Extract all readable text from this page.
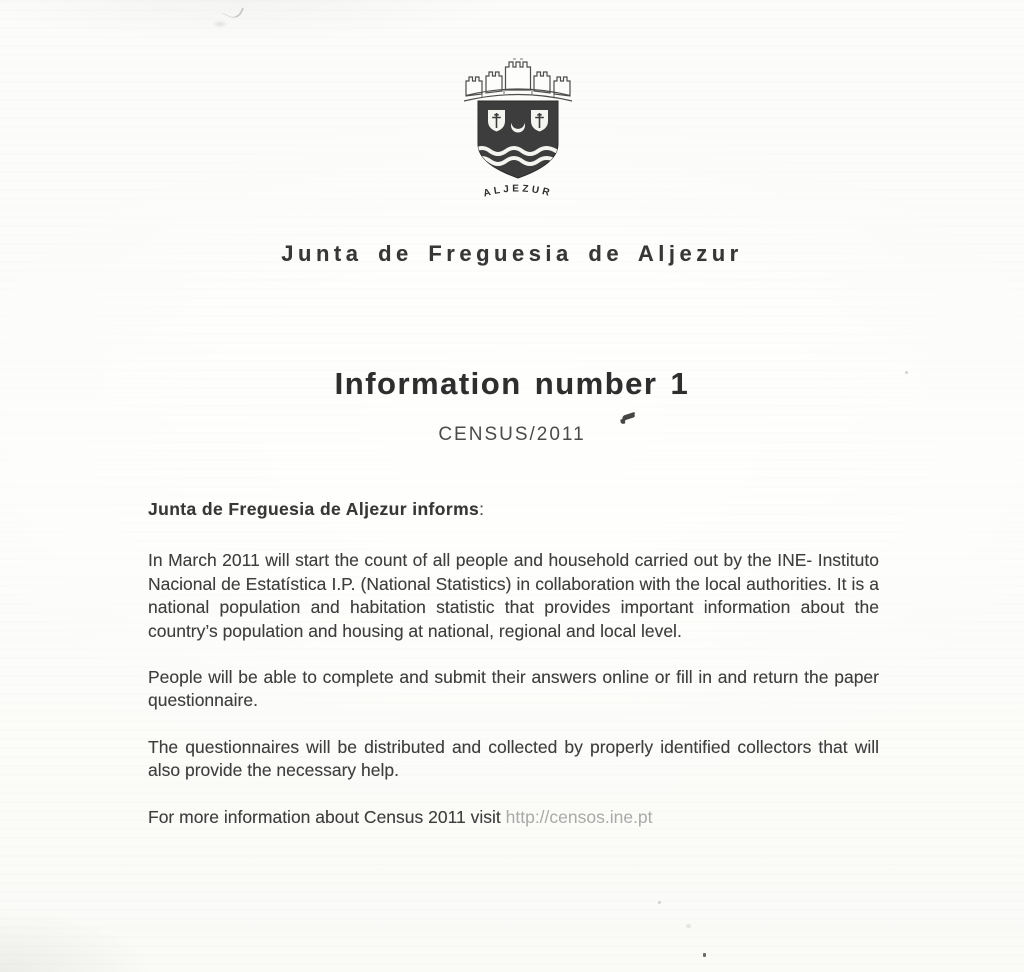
ALJEZUR
Junta de Freguesia de Aljezur
Information number 1
CENSUS/2011

Junta de Freguesia de Aljezur informs:

In March 2011 will start the count of all people and household carried out by the INE- Instituto Nacional de Estatística I.P. (National Statistics) in collaboration with the local authorities. It is a national population and habitation statistic that provides important information about the country’s population and housing at national, regional and local level.

People will be able to complete and submit their answers online or fill in and return the paper questionnaire.

The questionnaires will be distributed and collected by properly identified collectors that will also provide the necessary help.

For more information about Census 2011 visit http://censos.ine.pt
